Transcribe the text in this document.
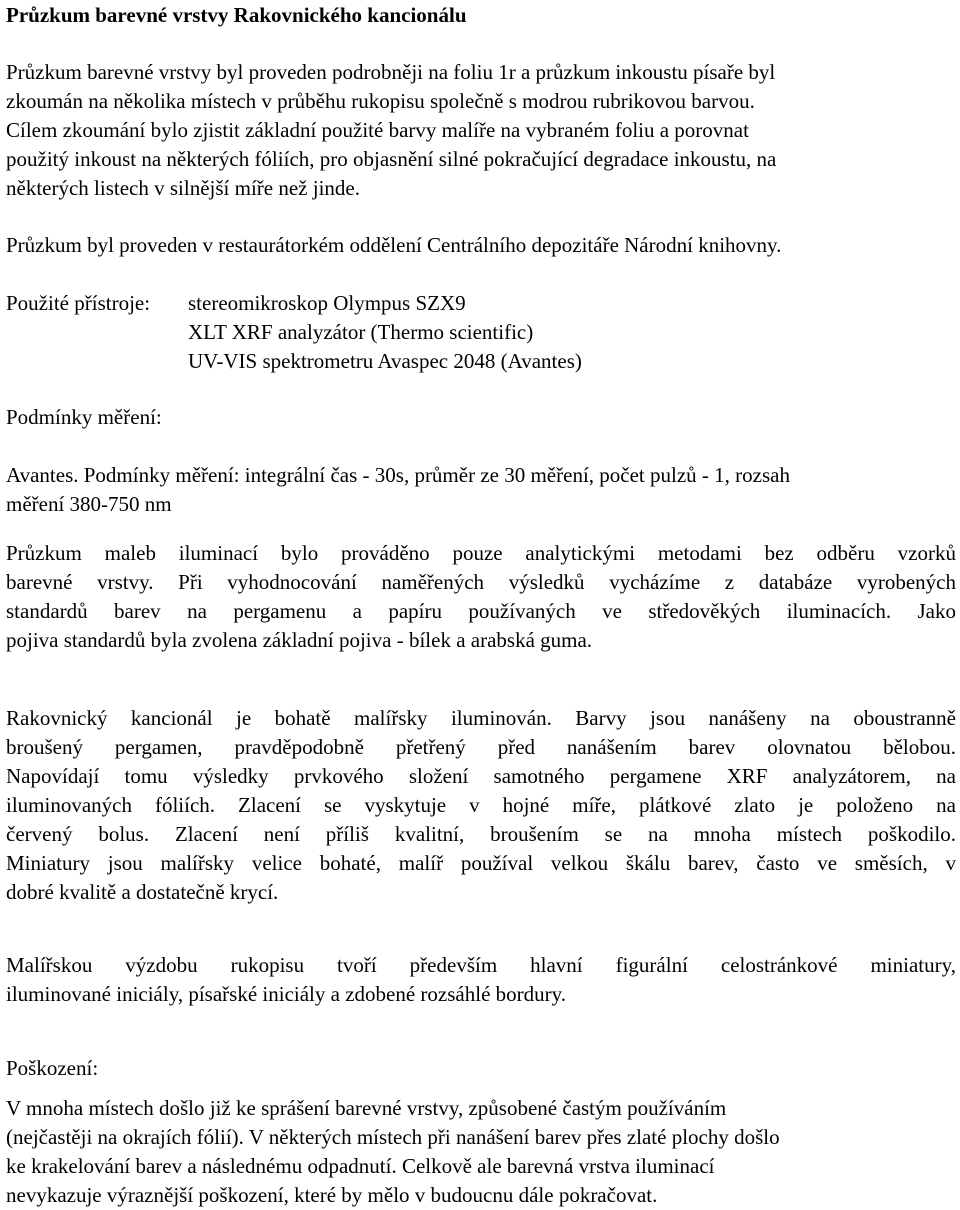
Průzkum barevné vrstvy Rakovnického kancionálu
Průzkum barevné vrstvy byl proveden podrobněji na foliu 1r a průzkum inkoustu písaře byl
zkoumán na několika místech v průběhu rukopisu společně s modrou rubrikovou barvou.
Cílem zkoumání bylo zjistit základní použité barvy malíře na vybraném foliu a porovnat
použitý inkoust na některých fóliích, pro objasnění silné pokračující degradace inkoustu, na
některých listech v silnější míře než jinde.
Průzkum byl proveden v restaurátorkém oddělení Centrálního depozitáře Národní knihovny.
Použité přístroje: stereomikroskop Olympus SZX9
XLT XRF analyzátor (Thermo scientific)
UV-VIS spektrometru Avaspec 2048 (Avantes)
Podmínky měření:
Avantes. Podmínky měření: integrální čas - 30s, průměr ze 30 měření, počet pulzů - 1, rozsah
měření 380-750 nm
Průzkum maleb iluminací bylo prováděno pouze analytickými metodami bez odběru vzorků
barevné vrstvy. Při vyhodnocování naměřených výsledků vycházíme z databáze vyrobených
standardů barev na pergamenu a papíru používaných ve středověkých iluminacích. Jako
pojiva standardů byla zvolena základní pojiva - bílek a arabská guma.
Rakovnický kancionál je bohatě malířsky iluminován. Barvy jsou nanášeny na oboustranně
broušený pergamen, pravděpodobně přetřený před nanášením barev olovnatou bělobou.
Napovídají tomu výsledky prvkového složení samotného pergamene XRF analyzátorem, na
iluminovaných fóliích. Zlacení se vyskytuje v hojné míře, plátkové zlato je položeno na
červený bolus. Zlacení není příliš kvalitní, broušením se na mnoha místech poškodilo.
Miniatury jsou malířsky velice bohaté, malíř používal velkou škálu barev, často ve směsích, v
dobré kvalitě a dostatečně krycí.
Malířskou výzdobu rukopisu tvoří především hlavní figurální celostránkové miniatury,
iluminované iniciály, písařské iniciály a zdobené rozsáhlé bordury.
Poškození:
V mnoha místech došlo již ke sprášení barevné vrstvy, způsobené častým používáním
(nejčastěji na okrajích fólií). V některých místech při nanášení barev přes zlaté plochy došlo
ke krakelování barev a následnému odpadnutí. Celkově ale barevná vrstva iluminací
nevykazuje výraznější poškození, které by mělo v budoucnu dále pokračovat.
